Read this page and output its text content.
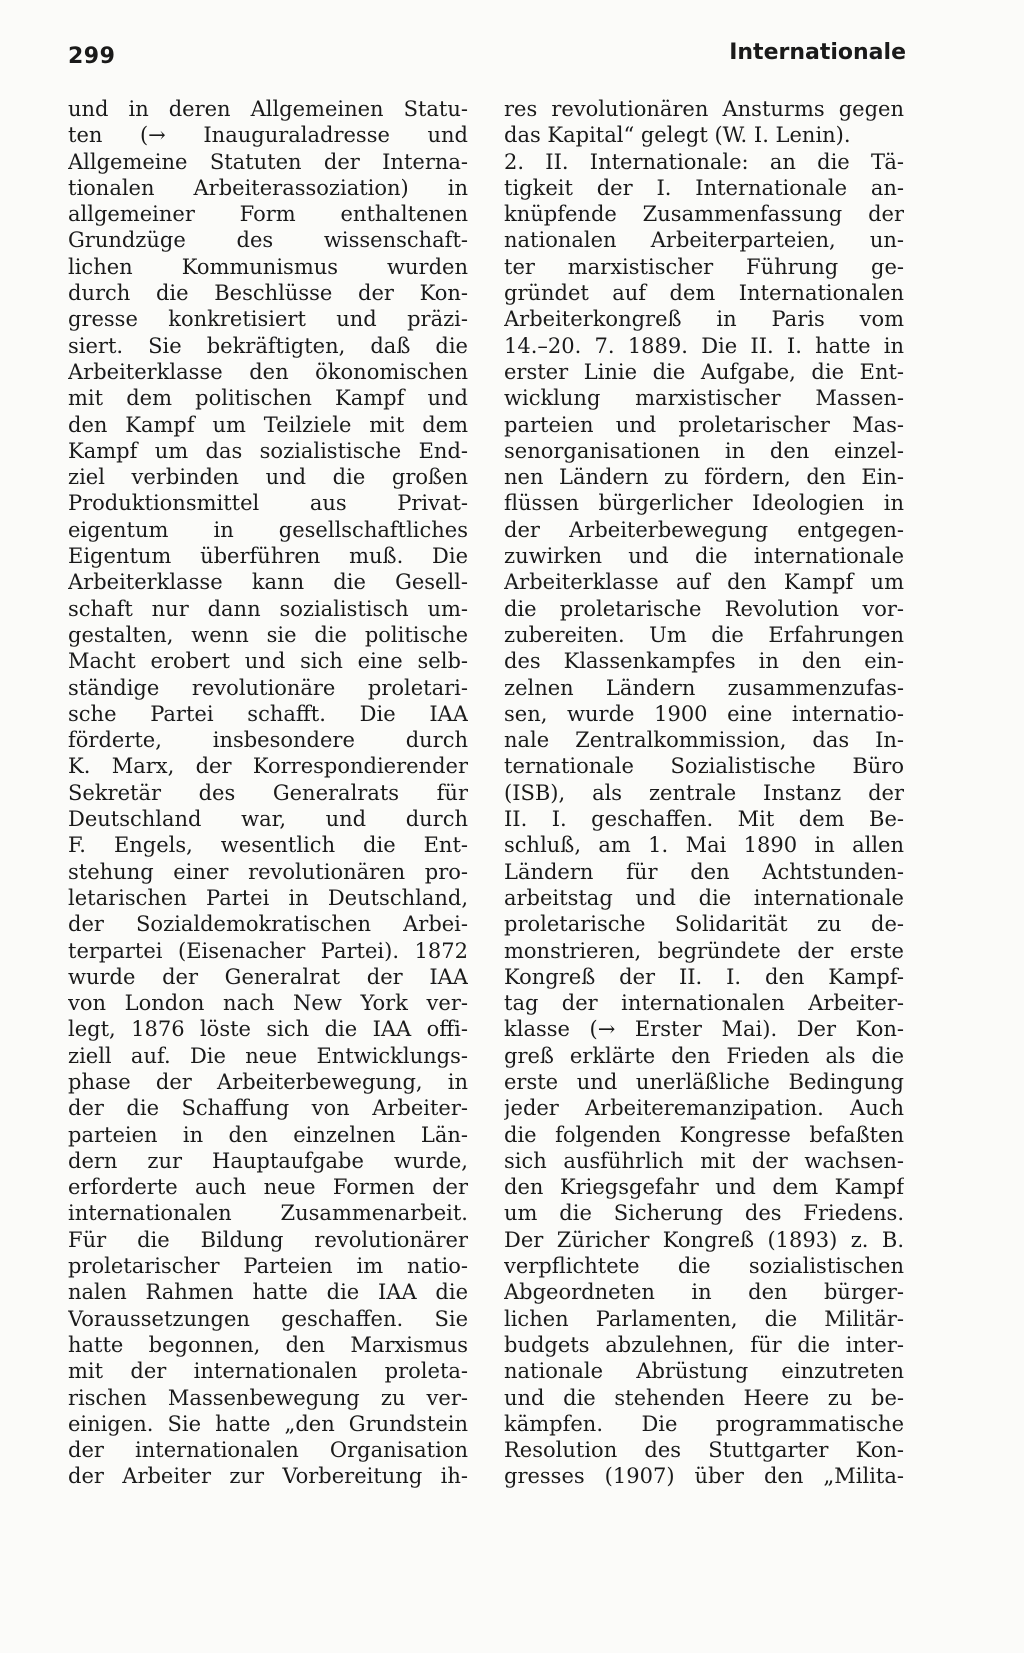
299	Internationale
und in deren Allgemeinen Statu-
ten (→ Inauguraladresse und
Allgemeine Statuten der Interna-
tionalen Arbeiterassoziation) in
allgemeiner Form enthaltenen
Grundzüge des wissenschaft-
lichen Kommunismus wurden
durch die Beschlüsse der Kon-
gresse konkretisiert und präzi-
siert. Sie bekräftigten, daß die
Arbeiterklasse den ökonomischen
mit dem politischen Kampf und
den Kampf um Teilziele mit dem
Kampf um das sozialistische End-
ziel verbinden und die großen
Produktionsmittel aus Privat-
eigentum in gesellschaftliches
Eigentum überführen muß. Die
Arbeiterklasse kann die Gesell-
schaft nur dann sozialistisch um-
gestalten, wenn sie die politische
Macht erobert und sich eine selb-
ständige revolutionäre proletari-
sche Partei schafft. Die IAA
förderte, insbesondere durch
K. Marx, der Korrespondierender
Sekretär des Generalrats für
Deutschland war, und durch
F. Engels, wesentlich die Ent-
stehung einer revolutionären pro-
letarischen Partei in Deutschland,
der Sozialdemokratischen Arbei-
terpartei (Eisenacher Partei). 1872
wurde der Generalrat der IAA
von London nach New York ver-
legt, 1876 löste sich die IAA offi-
ziell auf. Die neue Entwicklungs-
phase der Arbeiterbewegung, in
der die Schaffung von Arbeiter-
parteien in den einzelnen Län-
dern zur Hauptaufgabe wurde,
erforderte auch neue Formen der
internationalen Zusammenarbeit.
Für die Bildung revolutionärer
proletarischer Parteien im natio-
nalen Rahmen hatte die IAA die
Voraussetzungen geschaffen. Sie
hatte begonnen, den Marxismus
mit der internationalen proleta-
rischen Massenbewegung zu ver-
einigen. Sie hatte „den Grundstein
der internationalen Organisation
der Arbeiter zur Vorbereitung ih-
res revolutionären Ansturms gegen
das Kapital“ gelegt (W. I. Lenin).
2. II. Internationale: an die Tä-
tigkeit der I. Internationale an-
knüpfende Zusammenfassung der
nationalen Arbeiterparteien, un-
ter marxistischer Führung ge-
gründet auf dem Internationalen
Arbeiterkongreß in Paris vom
14.–20. 7. 1889. Die II. I. hatte in
erster Linie die Aufgabe, die Ent-
wicklung marxistischer Massen-
parteien und proletarischer Mas-
senorganisationen in den einzel-
nen Ländern zu fördern, den Ein-
flüssen bürgerlicher Ideologien in
der Arbeiterbewegung entgegen-
zuwirken und die internationale
Arbeiterklasse auf den Kampf um
die proletarische Revolution vor-
zubereiten. Um die Erfahrungen
des Klassenkampfes in den ein-
zelnen Ländern zusammenzufas-
sen, wurde 1900 eine internatio-
nale Zentralkommission, das In-
ternationale Sozialistische Büro
(ISB), als zentrale Instanz der
II. I. geschaffen. Mit dem Be-
schluß, am 1. Mai 1890 in allen
Ländern für den Achtstunden-
arbeitstag und die internationale
proletarische Solidarität zu de-
monstrieren, begründete der erste
Kongreß der II. I. den Kampf-
tag der internationalen Arbeiter-
klasse (→ Erster Mai). Der Kon-
greß erklärte den Frieden als die
erste und unerläßliche Bedingung
jeder Arbeiteremanzipation. Auch
die folgenden Kongresse befaßten
sich ausführlich mit der wachsen-
den Kriegsgefahr und dem Kampf
um die Sicherung des Friedens.
Der Züricher Kongreß (1893) z. B.
verpflichtete die sozialistischen
Abgeordneten in den bürger-
lichen Parlamenten, die Militär-
budgets abzulehnen, für die inter-
nationale Abrüstung einzutreten
und die stehenden Heere zu be-
kämpfen. Die programmatische
Resolution des Stuttgarter Kon-
gresses (1907) über den „Milita-
